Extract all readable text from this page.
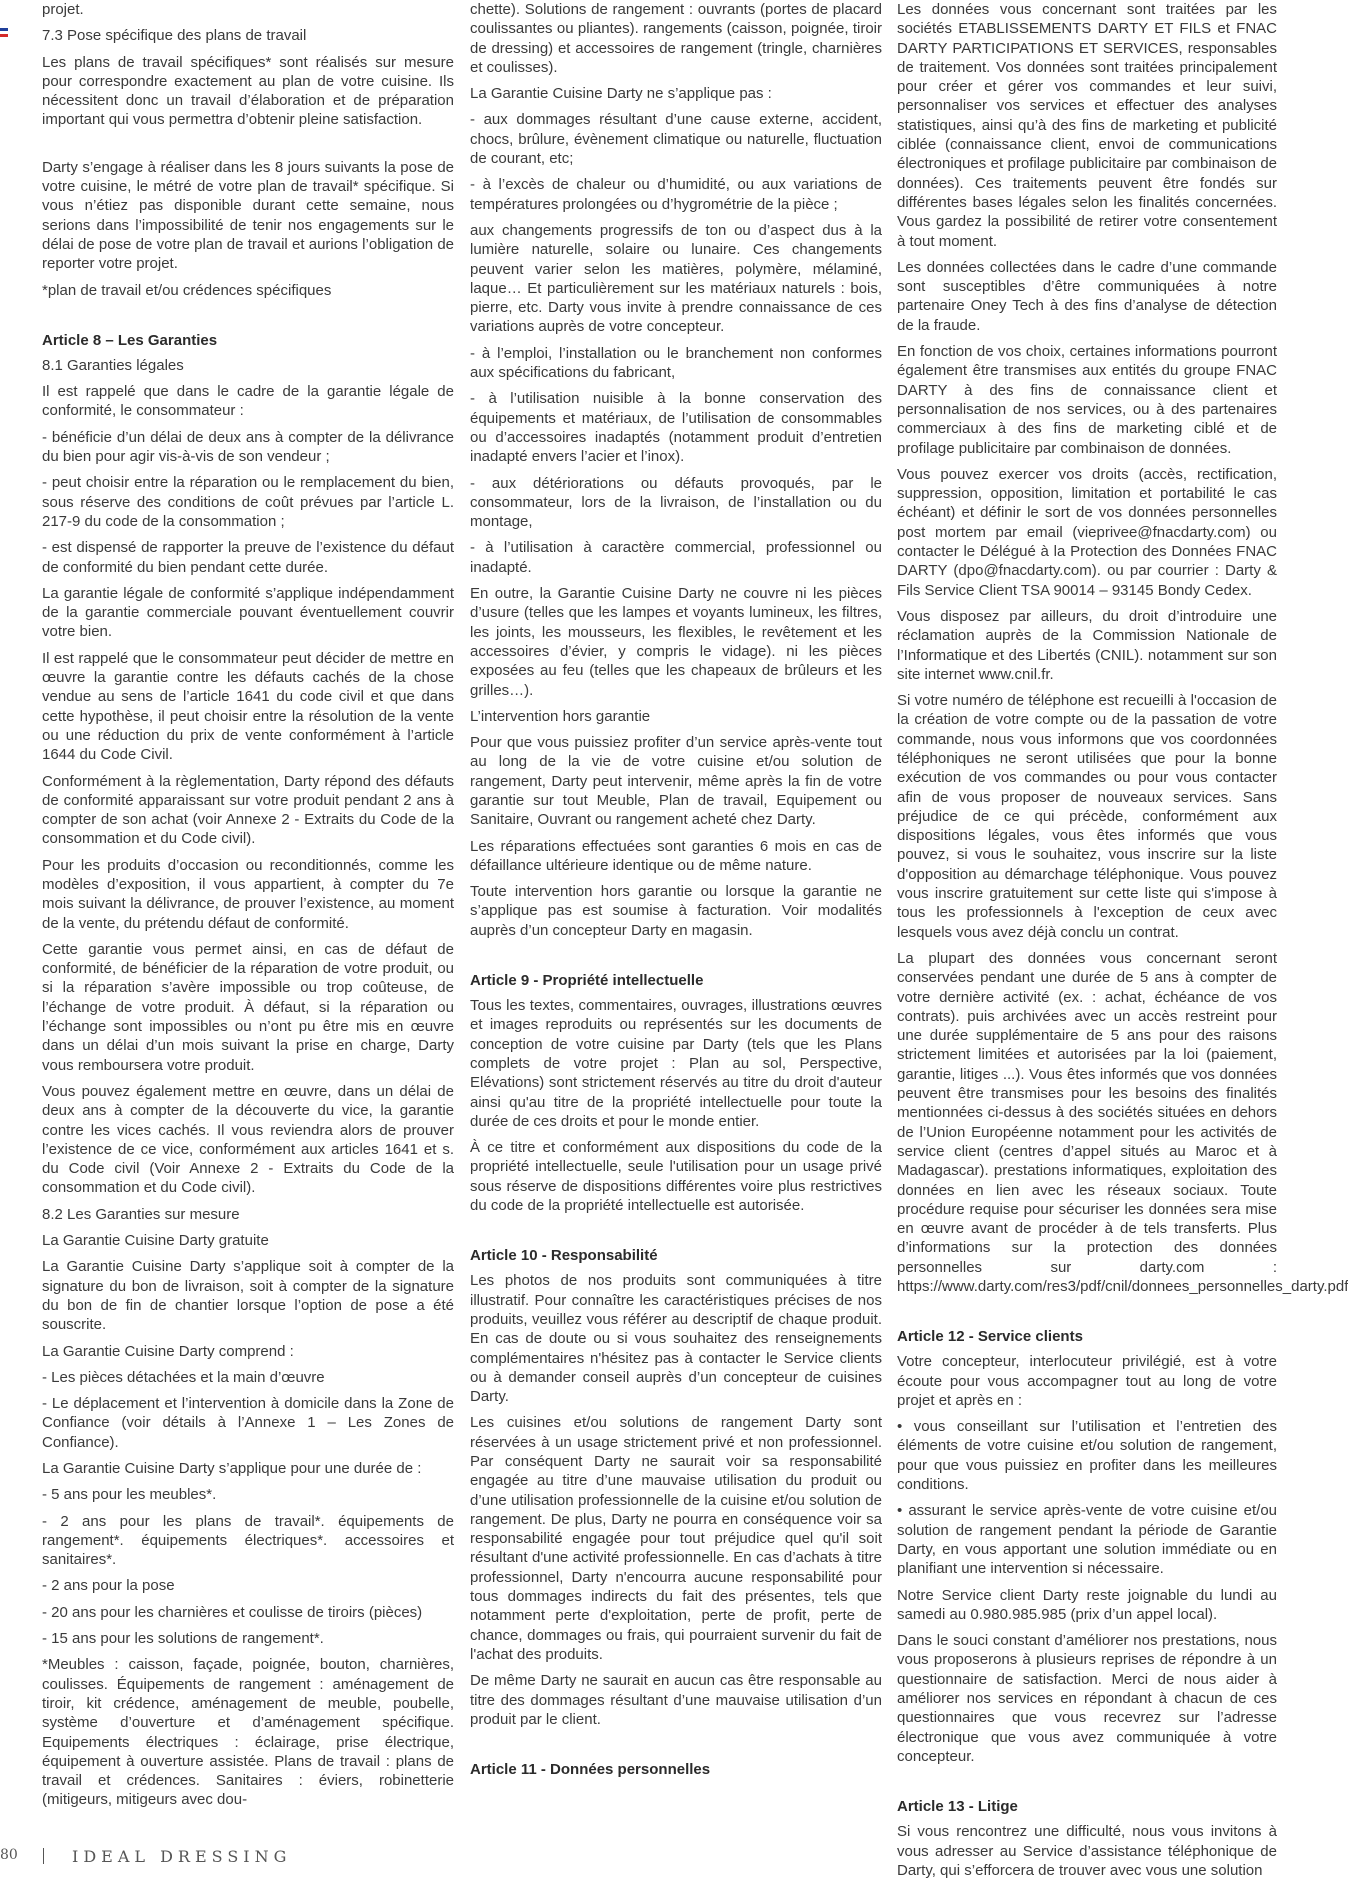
projet.

7.3 Pose spécifique des plans de travail

Les plans de travail spécifiques* sont réalisés sur mesure pour correspondre exactement au plan de votre cuisine. Ils nécessitent donc un travail d’élaboration et de préparation important qui vous permettra d’obtenir pleine satisfaction.

Darty s’engage à réaliser dans les 8 jours suivants la pose de votre cuisine, le métré de votre plan de travail* spécifique. Si vous n’étiez pas disponible durant cette semaine, nous serions dans l’impossibilité de tenir nos engagements sur le délai de pose de votre plan de travail et aurions l’obligation de reporter votre projet.

*plan de travail et/ou crédences spécifiques

Article 8 – Les Garanties

8.1 Garanties légales

Il est rappelé que dans le cadre de la garantie légale de conformité, le consommateur :

- bénéficie d’un délai de deux ans à compter de la délivrance du bien pour agir vis-à-vis de son vendeur ;

- peut choisir entre la réparation ou le remplacement du bien, sous réserve des conditions de coût prévues par l’article L. 217-9 du code de la consommation ;

- est dispensé de rapporter la preuve de l’existence du défaut de conformité du bien pendant cette durée.

La garantie légale de conformité s’applique indépendamment de la garantie commerciale pouvant éventuellement couvrir votre bien.

Il est rappelé que le consommateur peut décider de mettre en œuvre la garantie contre les défauts cachés de la chose vendue au sens de l’article 1641 du code civil et que dans cette hypothèse, il peut choisir entre la résolution de la vente ou une réduction du prix de vente conformément à l’article 1644 du Code Civil.

Conformément à la règlementation, Darty répond des défauts de conformité apparaissant sur votre produit pendant 2 ans à compter de son achat (voir Annexe 2 - Extraits du Code de la consommation et du Code civil).

Pour les produits d’occasion ou reconditionnés, comme les modèles d’exposition, il vous appartient, à compter du 7e mois suivant la délivrance, de prouver l’existence, au moment de la vente, du prétendu défaut de conformité.

Cette garantie vous permet ainsi, en cas de défaut de conformité, de bénéficier de la réparation de votre produit, ou si la réparation s’avère impossible ou trop coûteuse, de l’échange de votre produit. À défaut, si la réparation ou l’échange sont impossibles ou n’ont pu être mis en œuvre dans un délai d’un mois suivant la prise en charge, Darty vous remboursera votre produit.

Vous pouvez également mettre en œuvre, dans un délai de deux ans à compter de la découverte du vice, la garantie contre les vices cachés. Il vous reviendra alors de prouver l’existence de ce vice, conformément aux articles 1641 et s. du Code civil (Voir Annexe 2 - Extraits du Code de la consommation et du Code civil).

8.2 Les Garanties sur mesure

La Garantie Cuisine Darty gratuite

La Garantie Cuisine Darty s’applique soit à compter de la signature du bon de livraison, soit à compter de la signature du bon de fin de chantier lorsque l’option de pose a été souscrite.

La Garantie Cuisine Darty comprend :

- Les pièces détachées et la main d’œuvre

- Le déplacement et l’intervention à domicile dans la Zone de Confiance (voir détails à l’Annexe 1 – Les Zones de Confiance).

La Garantie Cuisine Darty s’applique pour une durée de :

- 5 ans pour les meubles*.

- 2 ans pour les plans de travail*. équipements de rangement*. équipements électriques*. accessoires et sanitaires*.

- 2 ans pour la pose

- 20 ans pour les charnières et coulisse de tiroirs (pièces)

- 15 ans pour les solutions de rangement*.

*Meubles : caisson, façade, poignée, bouton, charnières, coulisses. Équipements de rangement : aménagement de tiroir, kit crédence, aménagement de meuble, poubelle, système d’ouverture et d’aménagement spécifique. Equipements électriques : éclairage, prise électrique, équipement à ouverture assistée. Plans de travail : plans de travail et crédences. Sanitaires : éviers, robinetterie (mitigeurs, mitigeurs avec dou-

chette). Solutions de rangement : ouvrants (portes de placard coulissantes ou pliantes). rangements (caisson, poignée, tiroir de dressing) et accessoires de rangement (tringle, charnières et coulisses).

La Garantie Cuisine Darty ne s’applique pas :

- aux dommages résultant d’une cause externe, accident, chocs, brûlure, évènement climatique ou naturelle, fluctuation de courant, etc;

- à l’excès de chaleur ou d’humidité, ou aux variations de températures prolongées ou d’hygrométrie de la pièce ;

aux changements progressifs de ton ou d’aspect dus à la lumière naturelle, solaire ou lunaire. Ces changements peuvent varier selon les matières, polymère, mélaminé, laque… Et particulièrement sur les matériaux naturels : bois, pierre, etc. Darty vous invite à prendre connaissance de ces variations auprès de votre concepteur.

- à l’emploi, l’installation ou le branchement non conformes aux spécifications du fabricant,

- à l’utilisation nuisible à la bonne conservation des équipements et matériaux, de l’utilisation de consommables ou d’accessoires inadaptés (notamment produit d’entretien inadapté envers l’acier et l’inox).

- aux détériorations ou défauts provoqués, par le consommateur, lors de la livraison, de l’installation ou du montage,

- à l’utilisation à caractère commercial, professionnel ou inadapté.

En outre, la Garantie Cuisine Darty ne couvre ni les pièces d’usure (telles que les lampes et voyants lumineux, les filtres, les joints, les mousseurs, les flexibles, le revêtement et les accessoires d’évier, y compris le vidage). ni les pièces exposées au feu (telles que les chapeaux de brûleurs et les grilles…).

L’intervention hors garantie

Pour que vous puissiez profiter d’un service après-vente tout au long de la vie de votre cuisine et/ou solution de rangement, Darty peut intervenir, même après la fin de votre garantie sur tout Meuble, Plan de travail, Equipement ou Sanitaire, Ouvrant ou rangement acheté chez Darty.

Les réparations effectuées sont garanties 6 mois en cas de défaillance ultérieure identique ou de même nature.

Toute intervention hors garantie ou lorsque la garantie ne s’applique pas est soumise à facturation. Voir modalités auprès d’un concepteur Darty en magasin.

Article 9 - Propriété intellectuelle

Tous les textes, commentaires, ouvrages, illustrations œuvres et images reproduits ou représentés sur les documents de conception de votre cuisine par Darty (tels que les Plans complets de votre projet : Plan au sol, Perspective, Elévations) sont strictement réservés au titre du droit d'auteur ainsi qu'au titre de la propriété intellectuelle pour toute la durée de ces droits et pour le monde entier.

À ce titre et conformément aux dispositions du code de la propriété intellectuelle, seule l'utilisation pour un usage privé sous réserve de dispositions différentes voire plus restrictives du code de la propriété intellectuelle est autorisée.

Article 10 - Responsabilité

Les photos de nos produits sont communiquées à titre illustratif. Pour connaître les caractéristiques précises de nos produits, veuillez vous référer au descriptif de chaque produit. En cas de doute ou si vous souhaitez des renseignements complémentaires n'hésitez pas à contacter le Service clients ou à demander conseil auprès d’un concepteur de cuisines Darty.

Les cuisines et/ou solutions de rangement Darty sont réservées à un usage strictement privé et non professionnel. Par conséquent Darty ne saurait voir sa responsabilité engagée au titre d’une mauvaise utilisation du produit ou d’une utilisation professionnelle de la cuisine et/ou solution de rangement. De plus, Darty ne pourra en conséquence voir sa responsabilité engagée pour tout préjudice quel qu'il soit résultant d'une activité professionnelle. En cas d’achats à titre professionnel, Darty n'encourra aucune responsabilité pour tous dommages indirects du fait des présentes, tels que notamment perte d'exploitation, perte de profit, perte de chance, dommages ou frais, qui pourraient survenir du fait de l'achat des produits.

De même Darty ne saurait en aucun cas être responsable au titre des dommages résultant d’une mauvaise utilisation d’un produit par le client.

Article 11 - Données personnelles

Les données vous concernant sont traitées par les sociétés ETABLISSEMENTS DARTY ET FILS et FNAC DARTY PARTICIPATIONS ET SERVICES, responsables de traitement. Vos données sont traitées principalement pour créer et gérer vos commandes et leur suivi, personnaliser vos services et effectuer des analyses statistiques, ainsi qu’à des fins de marketing et publicité ciblée (connaissance client, envoi de communications électroniques et profilage publicitaire par combinaison de données). Ces traitements peuvent être fondés sur différentes bases légales selon les finalités concernées. Vous gardez la possibilité de retirer votre consentement à tout moment.

Les données collectées dans le cadre d’une commande sont susceptibles d’être communiquées à notre partenaire Oney Tech à des fins d’analyse de détection de la fraude.

En fonction de vos choix, certaines informations pourront également être transmises aux entités du groupe FNAC DARTY à des fins de connaissance client et personnalisation de nos services, ou à des partenaires commerciaux à des fins de marketing ciblé et de profilage publicitaire par combinaison de données.

Vous pouvez exercer vos droits (accès, rectification, suppression, opposition, limitation et portabilité le cas échéant) et définir le sort de vos données personnelles post mortem par email (vieprivee@fnacdarty.com) ou contacter le Délégué à la Protection des Données FNAC DARTY (dpo@fnacdarty.com). ou par courrier : Darty & Fils Service Client TSA 90014 – 93145 Bondy Cedex.

Vous disposez par ailleurs, du droit d’introduire une réclamation auprès de la Commission Nationale de l’Informatique et des Libertés (CNIL). notamment sur son site internet www.cnil.fr.

Si votre numéro de téléphone est recueilli à l'occasion de la création de votre compte ou de la passation de votre commande, nous vous informons que vos coordonnées téléphoniques ne seront utilisées que pour la bonne exécution de vos commandes ou pour vous contacter afin de vous proposer de nouveaux services. Sans préjudice de ce qui précède, conformément aux dispositions légales, vous êtes informés que vous pouvez, si vous le souhaitez, vous inscrire sur la liste d'opposition au démarchage téléphonique. Vous pouvez vous inscrire gratuitement sur cette liste qui s'impose à tous les professionnels à l'exception de ceux avec lesquels vous avez déjà conclu un contrat.

La plupart des données vous concernant seront conservées pendant une durée de 5 ans à compter de votre dernière activité (ex. : achat, échéance de vos contrats). puis archivées avec un accès restreint pour une durée supplémentaire de 5 ans pour des raisons strictement limitées et autorisées par la loi (paiement, garantie, litiges ...). Vous êtes informés que vos données peuvent être transmises pour les besoins des finalités mentionnées ci-dessus à des sociétés situées en dehors de l’Union Européenne notamment pour les activités de service client (centres d’appel situés au Maroc et à Madagascar). prestations informatiques, exploitation des données en lien avec les réseaux sociaux. Toute procédure requise pour sécuriser les données sera mise en œuvre avant de procéder à de tels transferts. Plus d’informations sur la protection des données personnelles sur darty.com : https://www.darty.com/res3/pdf/cnil/donnees_personnelles_darty.pdf

Article 12 - Service clients

Votre concepteur, interlocuteur privilégié, est à votre écoute pour vous accompagner tout au long de votre projet et après en :

• vous conseillant sur l’utilisation et l’entretien des éléments de votre cuisine et/ou solution de rangement, pour que vous puissiez en profiter dans les meilleures conditions.

• assurant le service après-vente de votre cuisine et/ou solution de rangement pendant la période de Garantie Darty, en vous apportant une solution immédiate ou en planifiant une intervention si nécessaire.

Notre Service client Darty reste joignable du lundi au samedi au 0.980.985.985 (prix d’un appel local).

Dans le souci constant d’améliorer nos prestations, nous vous proposerons à plusieurs reprises de répondre à un questionnaire de satisfaction. Merci de nous aider à améliorer nos services en répondant à chacun de ces questionnaires que vous recevrez sur l’adresse électronique que vous avez communiquée à votre concepteur.

Article 13 - Litige

Si vous rencontrez une difficulté, nous vous invitons à vous adresser au Service d’assistance téléphonique de Darty, qui s’efforcera de trouver avec vous une solution

80	IDEAL DRESSING
